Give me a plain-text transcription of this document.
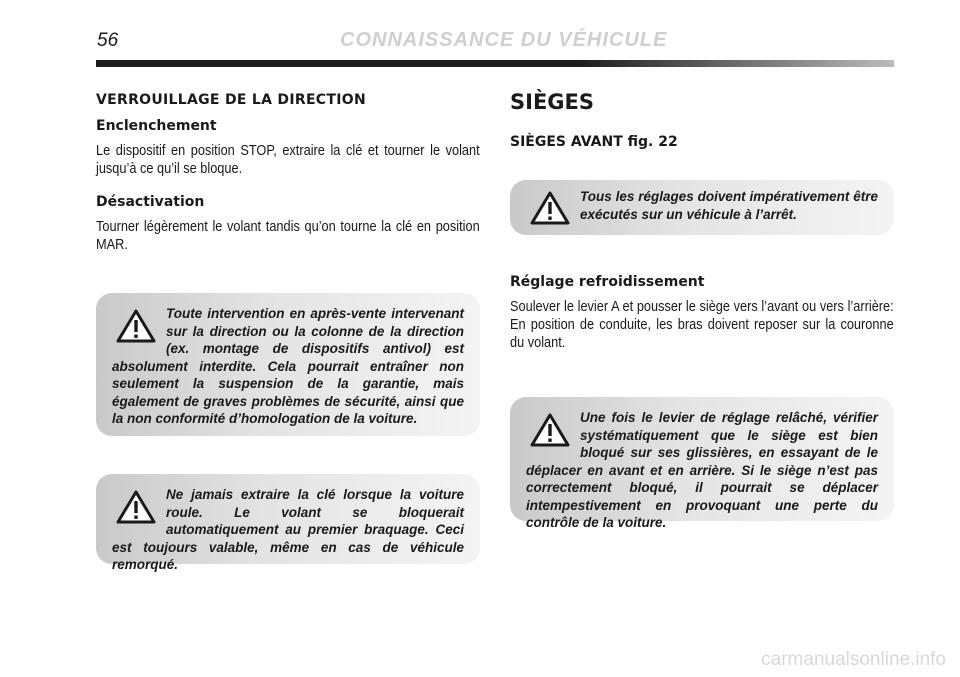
56	CONNAISSANCE DU VÉHICULE
VERROUILLAGE DE LA DIRECTION
Enclenchement

Le dispositif en position STOP, extraire la clé et tourner le volant jusqu’à ce qu’il se bloque.

Désactivation

Tourner légèrement le volant tandis qu’on tourne la clé en position MAR.

Toute intervention en après-vente intervenant sur la direction ou la colonne de la direction (ex. montage de dispositifs antivol) est absolument interdite. Cela pourrait entraîner non seulement la suspension de la garantie, mais également de graves problèmes de sécurité, ainsi que la non conformité d’homologation de la voiture.

Ne jamais extraire la clé lorsque la voiture roule. Le volant se bloquerait automatiquement au premier braquage. Ceci est toujours valable, même en cas de véhicule remorqué.

SIÈGES
SIÈGES AVANT fig. 22

Tous les réglages doivent impérativement être exécutés sur un véhicule à l’arrêt.

Réglage refroidissement

Soulever le levier A et pousser le siège vers l’avant ou vers l’arrière: En position de conduite, les bras doivent reposer sur la couronne du volant.

Une fois le levier de réglage relâché, vérifier systématiquement que le siège est bien bloqué sur ses glissières, en essayant de le déplacer en avant et en arrière. Si le siège n’est pas correctement bloqué, il pourrait se déplacer intempestivement en provoquant une perte du contrôle de la voiture.

carmanualsonline.info
